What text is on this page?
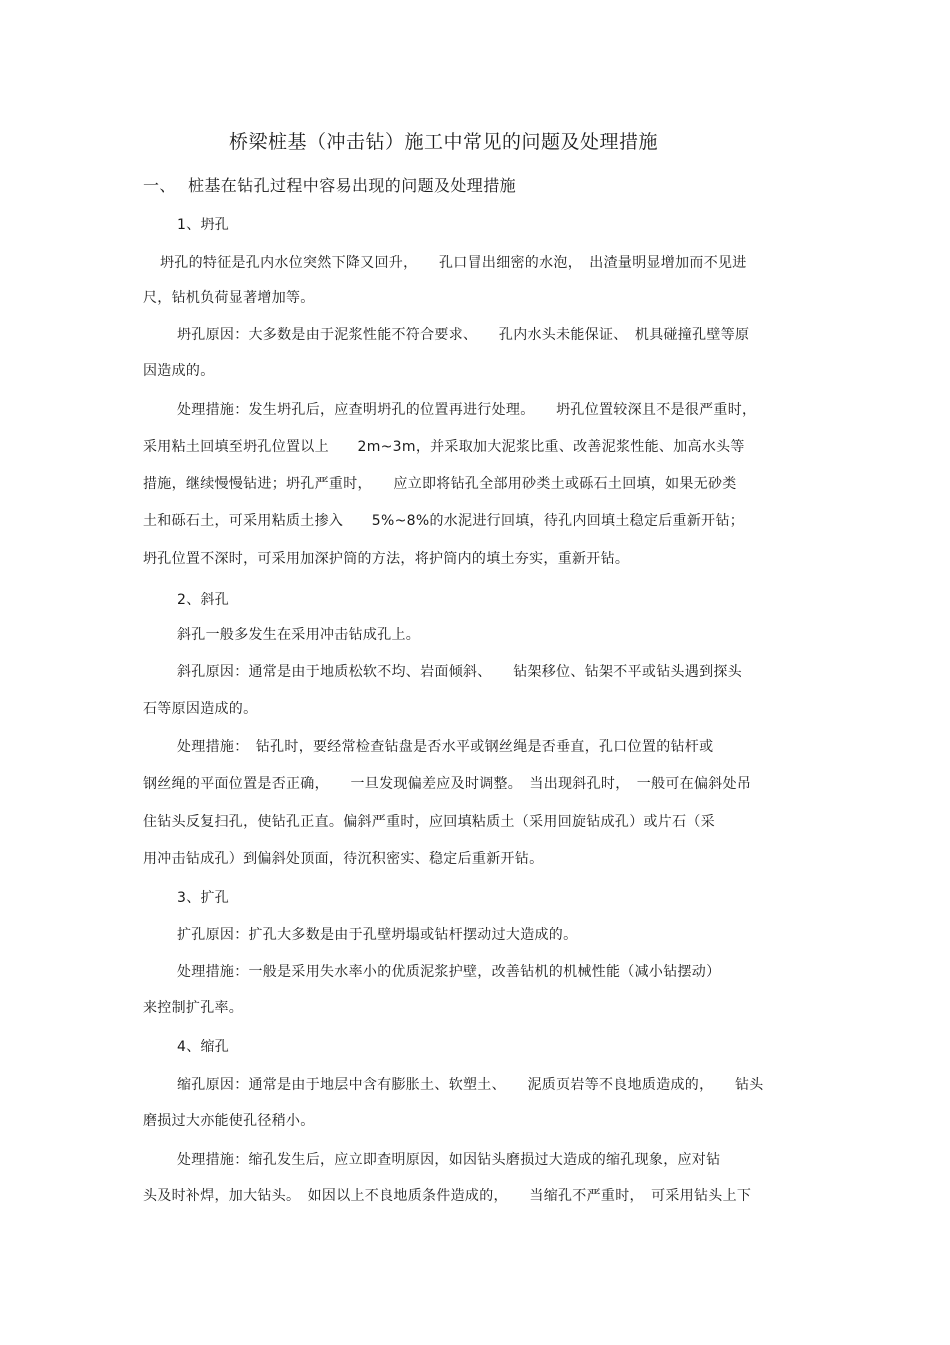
桥梁桩基（冲击钻）施工中常见的问题及处理措施
一、 桩基在钻孔过程中容易出现的问题及处理措施
1、坍孔
坍孔的特征是孔内水位突然下降又回升，　　孔口冒出细密的水泡，　出渣量明显增加而不见进
尺，钻机负荷显著增加等。
坍孔原因：大多数是由于泥浆性能不符合要求、　　孔内水头未能保证、　机具碰撞孔壁等原
因造成的。
处理措施：发生坍孔后，应查明坍孔的位置再进行处理。　　坍孔位置较深且不是很严重时，
采用粘土回填至坍孔位置以上　　2m~3m，并采取加大泥浆比重、改善泥浆性能、加高水头等
措施，继续慢慢钻进；坍孔严重时，　　应立即将钻孔全部用砂类土或砾石土回填，如果无砂类
土和砾石土，可采用粘质土掺入　　5%~8%的水泥进行回填，待孔内回填土稳定后重新开钻；
坍孔位置不深时，可采用加深护筒的方法，将护筒内的填土夯实，重新开钻。
2、斜孔
斜孔一般多发生在采用冲击钻成孔上。
斜孔原因：通常是由于地质松软不均、岩面倾斜、　　钻架移位、钻架不平或钻头遇到探头
石等原因造成的。
处理措施：　钻孔时，要经常检查钻盘是否水平或钢丝绳是否垂直，孔口位置的钻杆或
钢丝绳的平面位置是否正确，　　一旦发现偏差应及时调整。　当出现斜孔时，　一般可在偏斜处吊
住钻头反复扫孔，使钻孔正直。偏斜严重时，应回填粘质土（采用回旋钻成孔）或片石（采
用冲击钻成孔）到偏斜处顶面，待沉积密实、稳定后重新开钻。
3、扩孔
扩孔原因：扩孔大多数是由于孔壁坍塌或钻杆摆动过大造成的。
处理措施：一般是采用失水率小的优质泥浆护壁，改善钻机的机械性能（减小钻摆动）
来控制扩孔率。
4、缩孔
缩孔原因：通常是由于地层中含有膨胀土、软塑土、　　泥质页岩等不良地质造成的，　　钻头
磨损过大亦能使孔径稍小。
处理措施：缩孔发生后，应立即查明原因，如因钻头磨损过大造成的缩孔现象，应对钻
头及时补焊，加大钻头。　如因以上不良地质条件造成的，　　当缩孔不严重时，　可采用钻头上下
